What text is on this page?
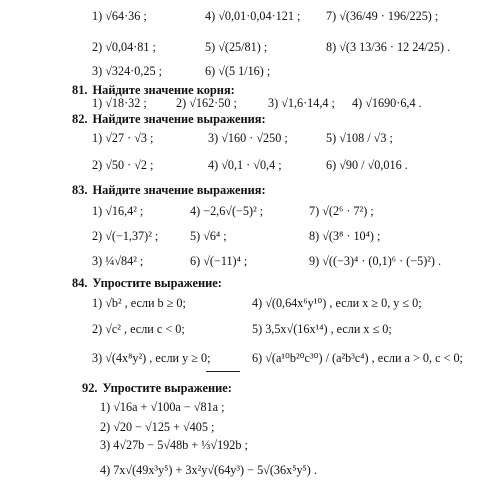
1) √64·36 ;	4) √0,01·0,04·121 ; 7) √(36/49 · 196/225) ;
2) √0,04·81 ;	5) √(25/81) ;	8) √(3 13/36 · 12 24/25) .
3) √324·0,25 ;	6) √(5 1/16) ;
81. Найдите значение корня:
1) √18·32 ; 2) √162·50 ;	3) √1,6·14,4 ; 4) √1690·6,4 .
82. Найдите значение выражения:
1) √27 · √3 ;	3) √160 · √250 ;	5) √108 / √3 ;
2) √50 · √2 ;	4) √0,1 · √0,4 ;	6) √90 / √0,016 .
83. Найдите значение выражения:
1) √16,4² ;	4) −2,6√(−5)² ;	7) √(2⁶ · 7²) ;
2) √(−1,37)² ;	5) √6⁴ ;	8) √(3⁸ · 10⁴) ;
3) ¼√84² ;	6) √(−11)⁴ ;	9) √((−3)⁴ · (0,1)⁶ · (−5)²) .
84. Упростите выражение:
1) √b² , если b ≥ 0;	4) √(0,64x⁶y¹⁰) , если x ≥ 0, y ≤ 0;
2) √c² , если c < 0;	5) 3,5x√(16x¹⁴) , если x ≤ 0;
3) √(4x⁸y²) , если y ≥ 0;	6) √(a¹⁰b²⁰c³⁰) / (a²b³c⁴) , если a > 0, c < 0;
92. Упростите выражение:
1) √16a + √100a − √81a ;
2) √20 − √125 + √405 ;
3) 4√27b − 5√48b + ⅓√192b ;
4) 7x√(49x³y⁵) + 3x²y√(64y³) − 5√(36x⁵y⁵) .
